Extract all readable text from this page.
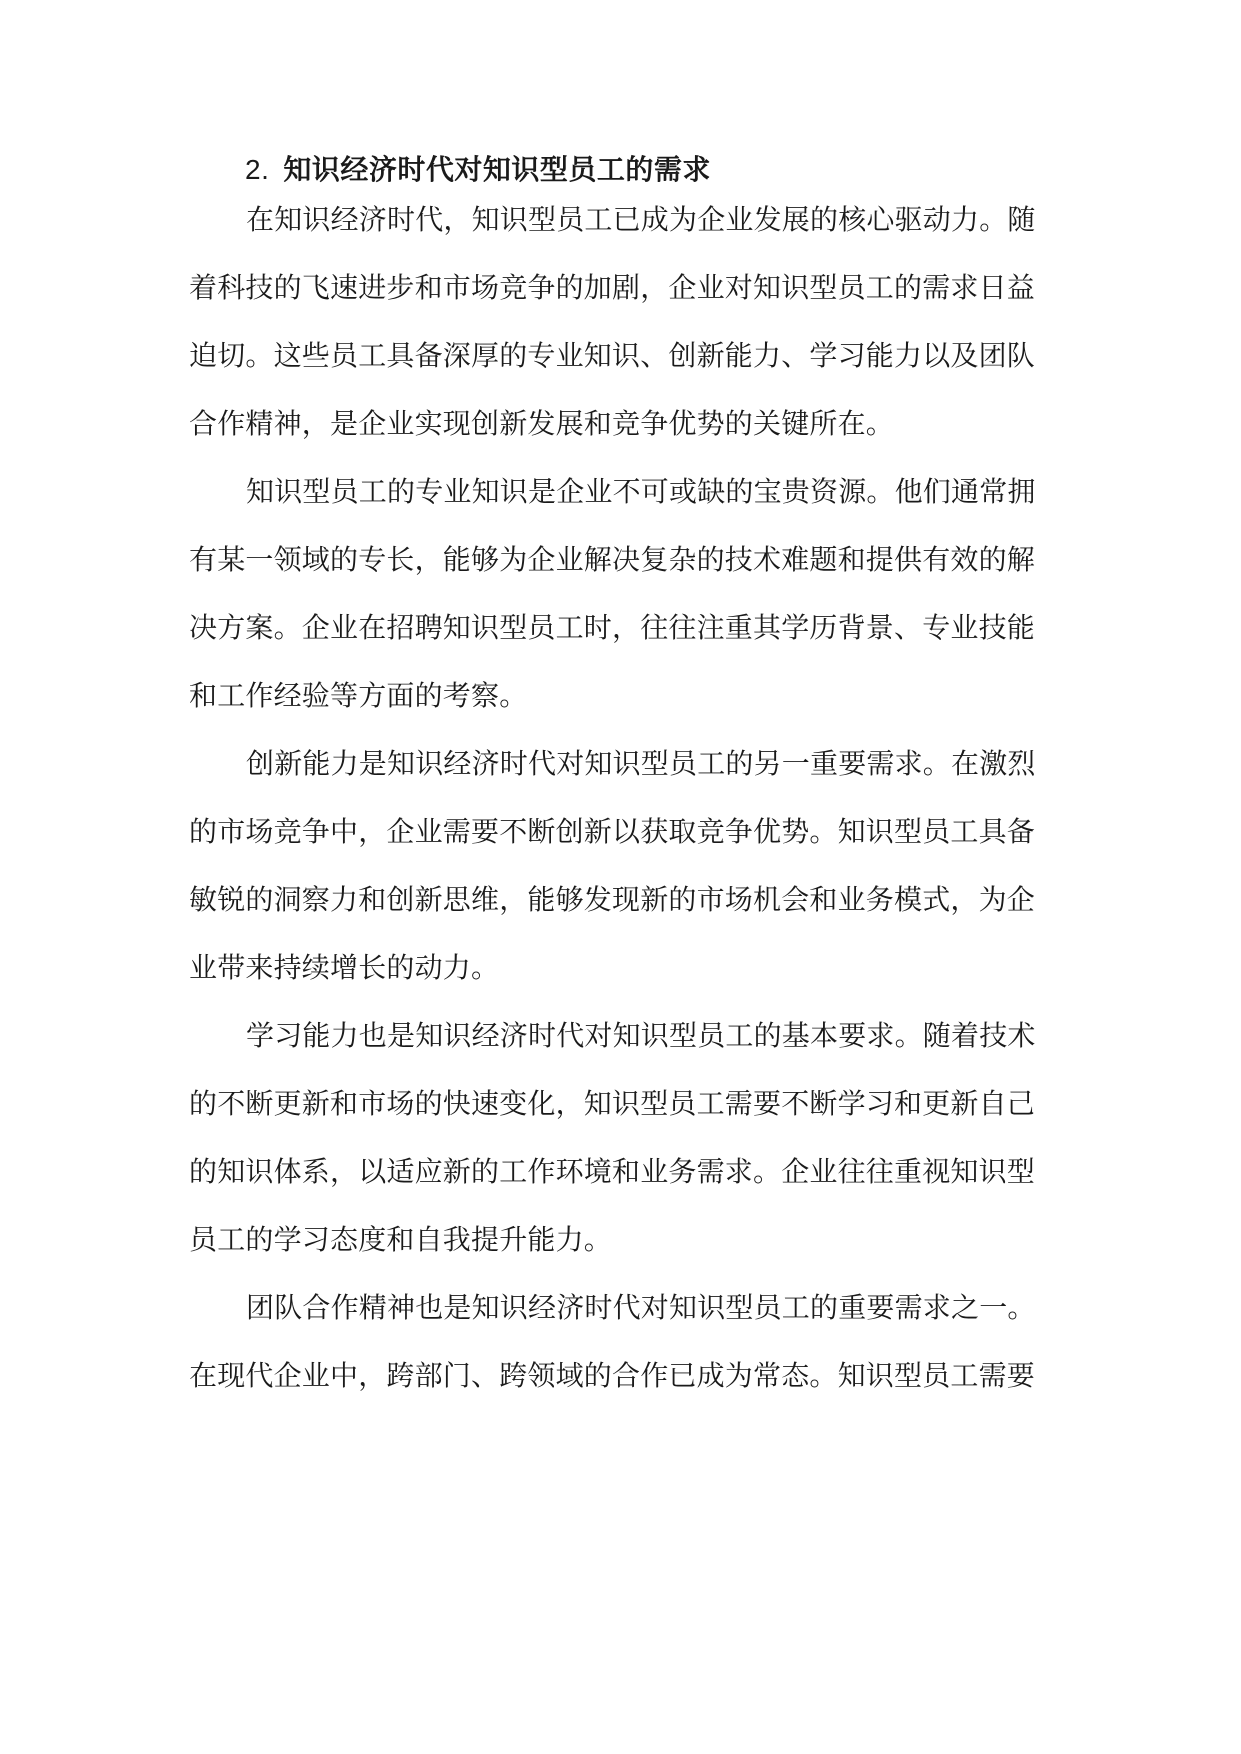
2. 知识经济时代对知识型员工的需求
在知识经济时代，知识型员工已成为企业发展的核心驱动力。随
着科技的飞速进步和市场竞争的加剧，企业对知识型员工的需求日益
迫切。这些员工具备深厚的专业知识、创新能力、学习能力以及团队
合作精神，是企业实现创新发展和竞争优势的关键所在。
知识型员工的专业知识是企业不可或缺的宝贵资源。他们通常拥
有某一领域的专长，能够为企业解决复杂的技术难题和提供有效的解
决方案。企业在招聘知识型员工时，往往注重其学历背景、专业技能
和工作经验等方面的考察。
创新能力是知识经济时代对知识型员工的另一重要需求。在激烈
的市场竞争中，企业需要不断创新以获取竞争优势。知识型员工具备
敏锐的洞察力和创新思维，能够发现新的市场机会和业务模式，为企
业带来持续增长的动力。
学习能力也是知识经济时代对知识型员工的基本要求。随着技术
的不断更新和市场的快速变化，知识型员工需要不断学习和更新自己
的知识体系，以适应新的工作环境和业务需求。企业往往重视知识型
员工的学习态度和自我提升能力。
团队合作精神也是知识经济时代对知识型员工的重要需求之一。
在现代企业中，跨部门、跨领域的合作已成为常态。知识型员工需要
